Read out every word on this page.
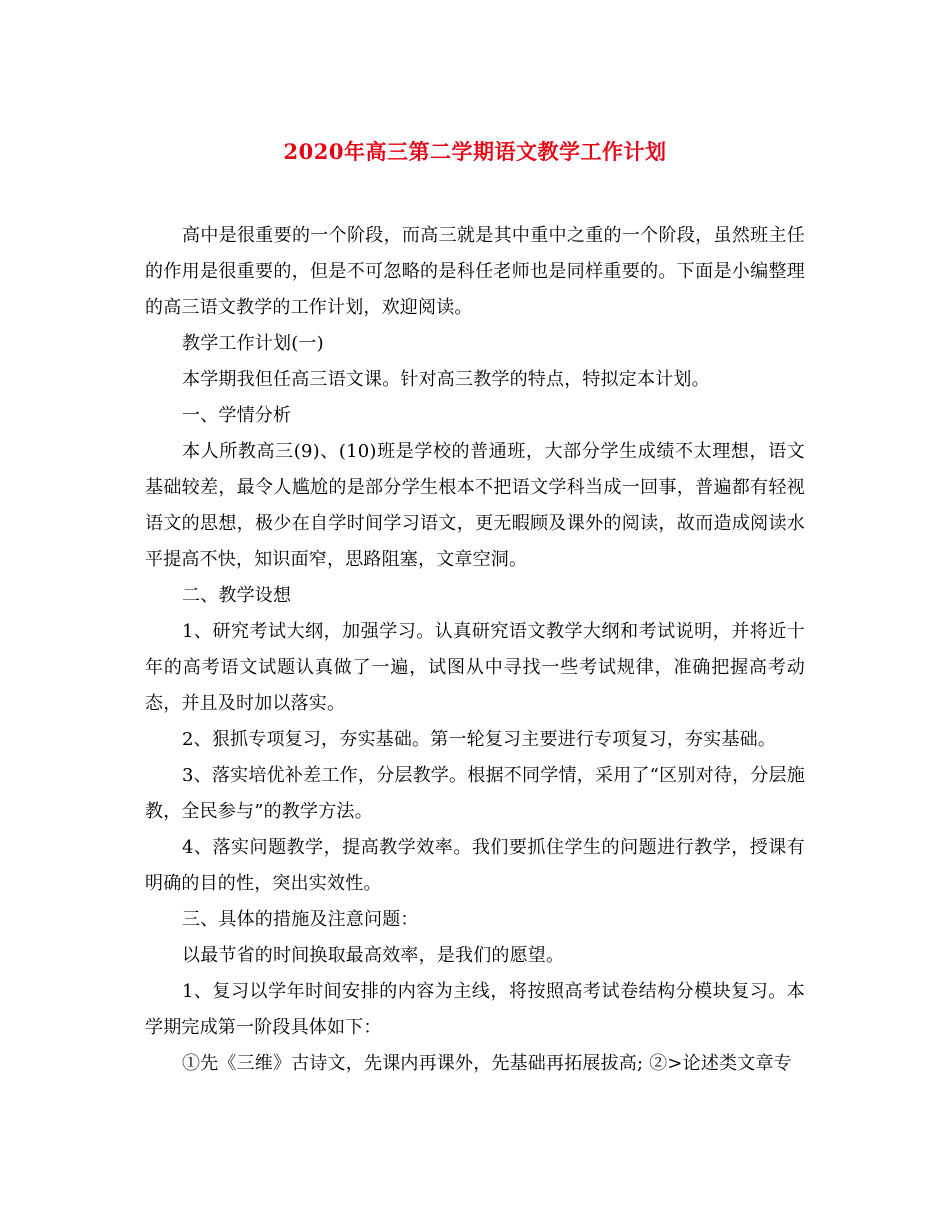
2020年高三第二学期语文教学工作计划

高中是很重要的一个阶段，而高三就是其中重中之重的一个阶段，虽然班主任的作用是很重要的，但是不可忽略的是科任老师也是同样重要的。下面是小编整理的高三语文教学的工作计划，欢迎阅读。

教学工作计划(一)

本学期我但任高三语文课。针对高三教学的特点，特拟定本计划。

一、学情分析

本人所教高三(9)、(10)班是学校的普通班，大部分学生成绩不太理想，语文基础较差，最令人尴尬的是部分学生根本不把语文学科当成一回事，普遍都有轻视语文的思想，极少在自学时间学习语文，更无暇顾及课外的阅读，故而造成阅读水平提高不快，知识面窄，思路阻塞，文章空洞。

二、教学设想

1、研究考试大纲，加强学习。认真研究语文教学大纲和考试说明，并将近十年的高考语文试题认真做了一遍，试图从中寻找一些考试规律，准确把握高考动态，并且及时加以落实。

2、狠抓专项复习，夯实基础。第一轮复习主要进行专项复习，夯实基础。

3、落实培优补差工作，分层教学。根据不同学情，采用了“区别对待，分层施教，全民参与”的教学方法。

4、落实问题教学，提高教学效率。我们要抓住学生的问题进行教学，授课有明确的目的性，突出实效性。

三、具体的措施及注意问题：

以最节省的时间换取最高效率，是我们的愿望。

1、复习以学年时间安排的内容为主线，将按照高考试卷结构分模块复习。本学期完成第一阶段具体如下：

①先《三维》古诗文，先课内再课外，先基础再拓展拔高; ②>论述类文章专
